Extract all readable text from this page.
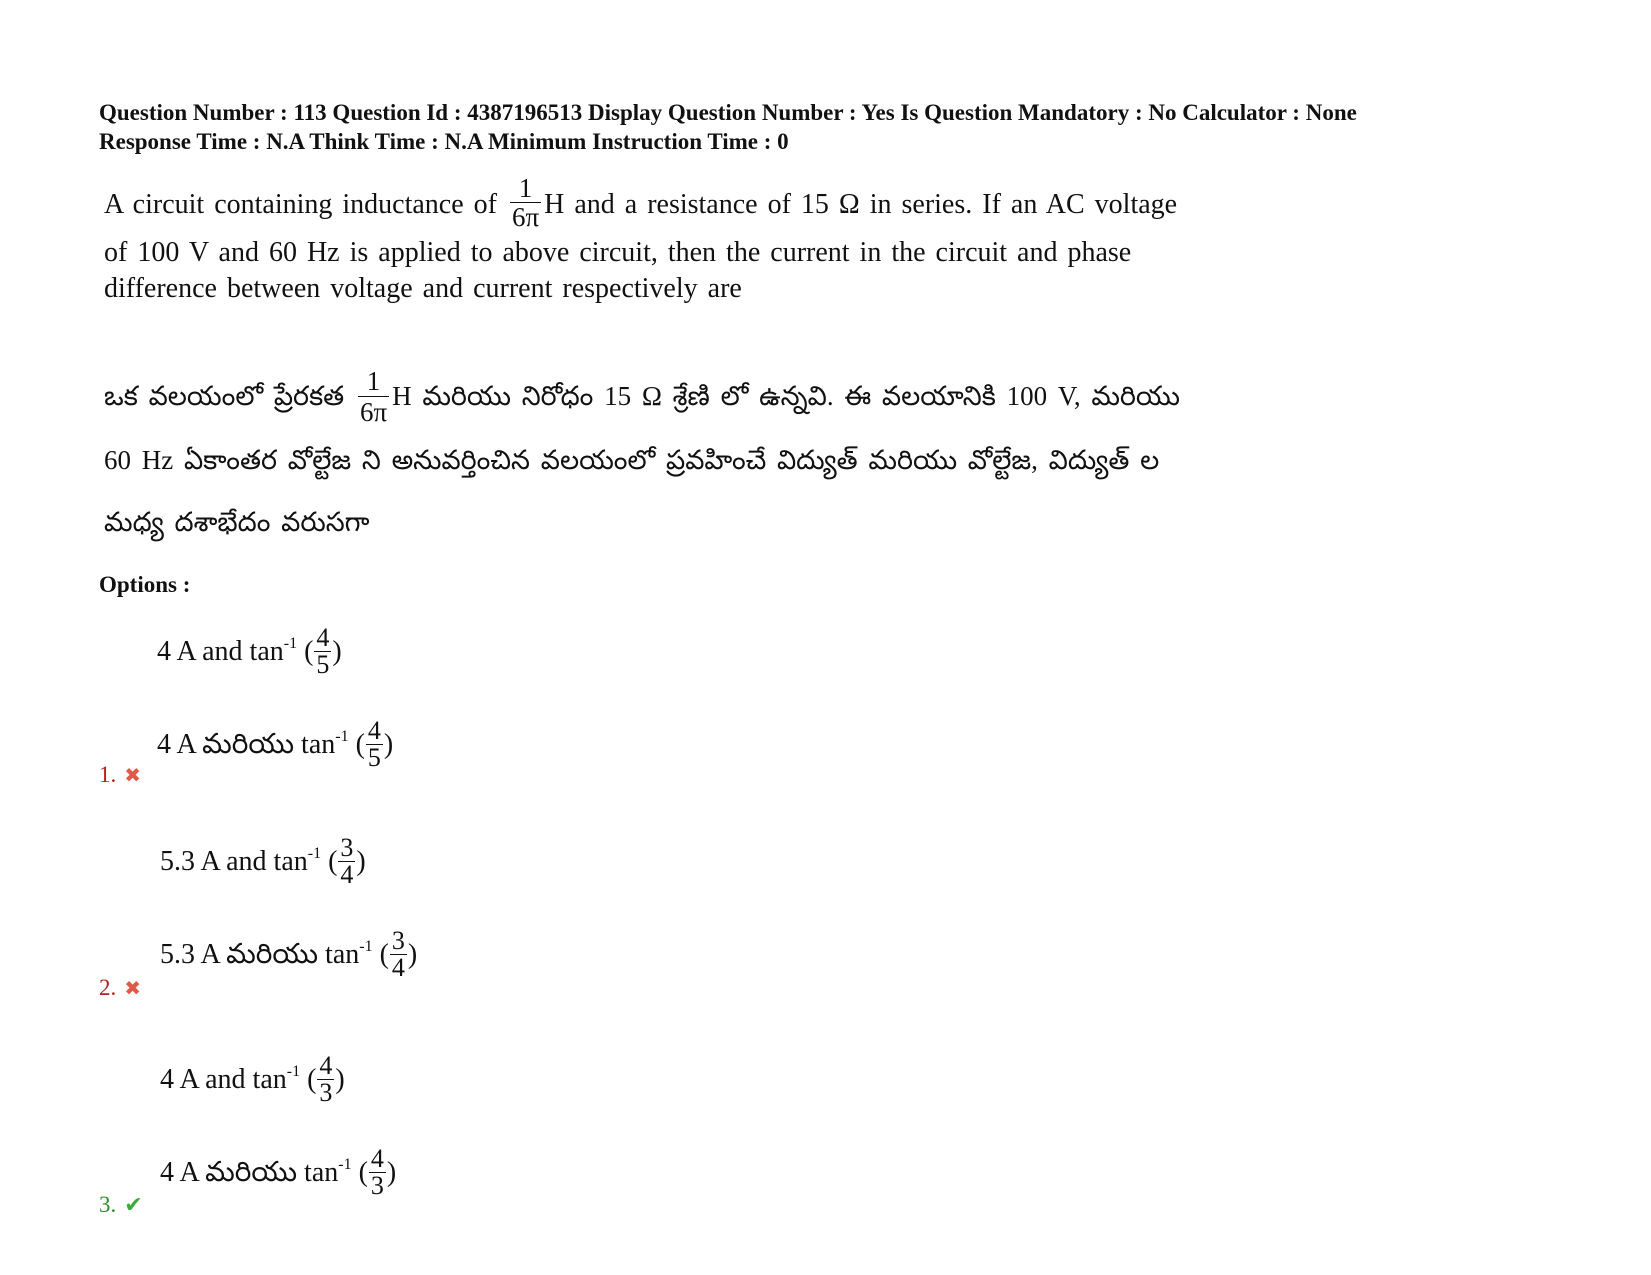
Question Number : 113 Question Id : 4387196513 Display Question Number : Yes Is Question Mandatory : No Calculator : None
Response Time : N.A Think Time : N.A Minimum Instruction Time : 0
A circuit containing inductance of $\frac{1}{6\pi}$ H and a resistance of 15 Ω in series. If an AC voltage of 100 V and 60 Hz is applied to above circuit, then the current in the circuit and phase difference between voltage and current respectively are
ఒక వలయంలో ప్రేరకత $\frac{1}{6\pi}$ H మరియు నిరోధం 15 Ω శ్రేణి లో ఉన్నవి. ఈ వలయానికి 100 V, మరియు 60 Hz ఏకాంతర వోల్టేజ ని అనువర్తించిన వలయంలో ప్రవహించే విద్యుత్ మరియు వోల్టేజ, విద్యుత్ ల మధ్య దశాభేదం వరుసగా
Options :
4 A and $\tan^{-1}$ ( $\frac{4}{5}$ )
4 A మరియు $\tan^{-1}$ ( $\frac{4}{5}$ )
1. ✖
5.3 A and $\tan^{-1}$ ( $\frac{3}{4}$ )
5.3 A మరియు $\tan^{-1}$ ( $\frac{3}{4}$ )
2. ✖
4 A and $\tan^{-1}$ ( $\frac{4}{3}$ )
4 A మరియు $\tan^{-1}$ ( $\frac{4}{3}$ )
3. ✔
